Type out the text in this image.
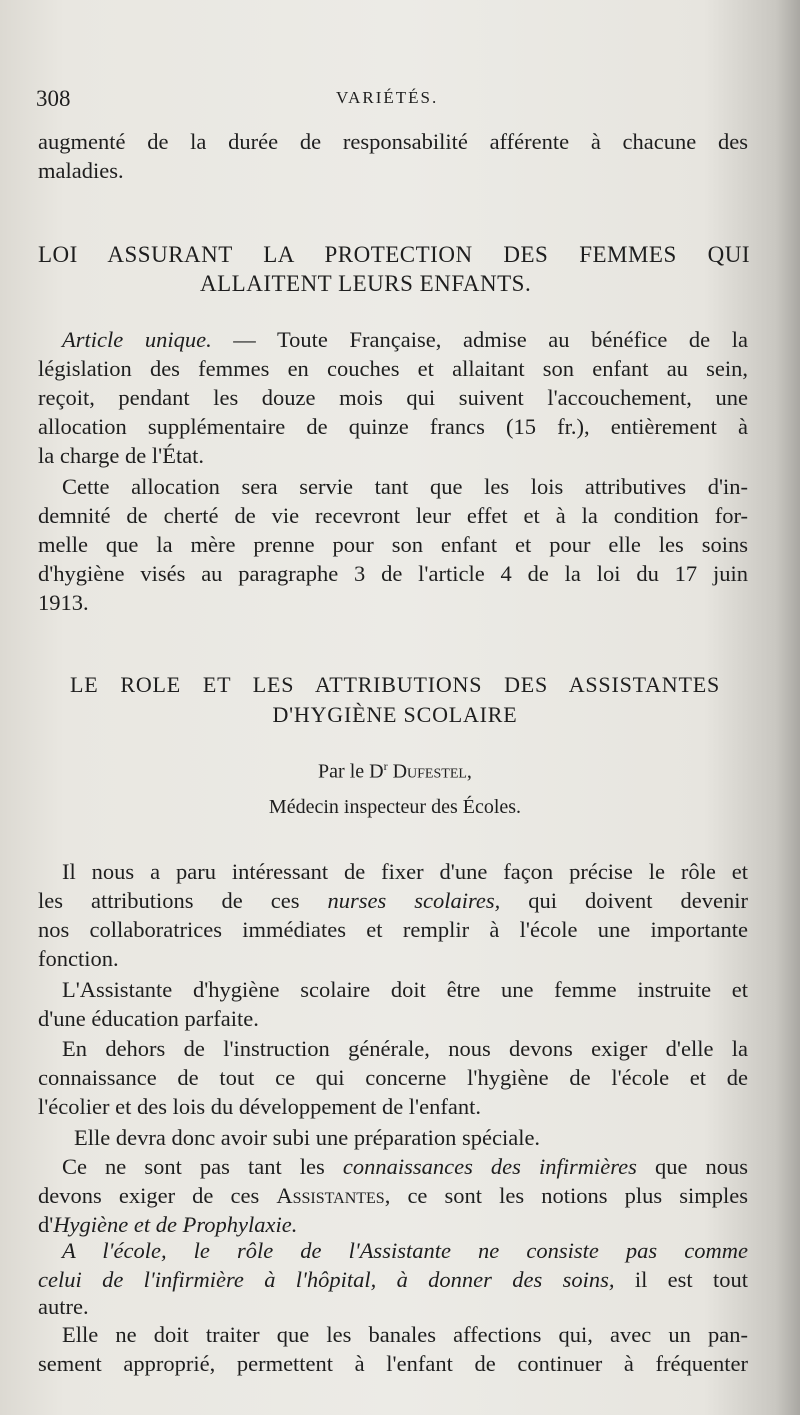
308	VARIÉTÉS.
augmenté de la durée de responsabilité afférente à chacune des
maladies.
LOI ASSURANT LA PROTECTION DES FEMMES QUI
ALLAITENT LEURS ENFANTS.
Article unique. — Toute Française, admise au bénéfice de la
législation des femmes en couches et allaitant son enfant au sein,
reçoit, pendant les douze mois qui suivent l'accouchement, une
allocation supplémentaire de quinze francs (15 fr.), entièrement à
la charge de l'État.
Cette allocation sera servie tant que les lois attributives d'in-
demnité de cherté de vie recevront leur effet et à la condition for-
melle que la mère prenne pour son enfant et pour elle les soins
d'hygiène visés au paragraphe 3 de l'article 4 de la loi du 17 juin
1913.
LE ROLE ET LES ATTRIBUTIONS DES ASSISTANTES
D'HYGIÈNE SCOLAIRE
Par le $D^r$ Dufestel,
Médecin inspecteur des Écoles.
Il nous a paru intéressant de fixer d'une façon précise le rôle et
les attributions de ces nurses scolaires, qui doivent devenir
nos collaboratrices immédiates et remplir à l'école une importante
fonction.
L'Assistante d'hygiène scolaire doit être une femme instruite et
d'une éducation parfaite.
En dehors de l'instruction générale, nous devons exiger d'elle la
connaissance de tout ce qui concerne l'hygiène de l'école et de
l'écolier et des lois du développement de l'enfant.
Elle devra donc avoir subi une préparation spéciale.
Ce ne sont pas tant les connaissances des infirmières que nous
devons exiger de ces Assistantes, ce sont les notions plus simples
d'Hygiène et de Prophylaxie.
A l'école, le rôle de l'Assistante ne consiste pas comme
celui de l'infirmière à l'hôpital, à donner des soins, il est tout
autre.
Elle ne doit traiter que les banales affections qui, avec un pan-
sement approprié, permettent à l'enfant de continuer à fréquenter
